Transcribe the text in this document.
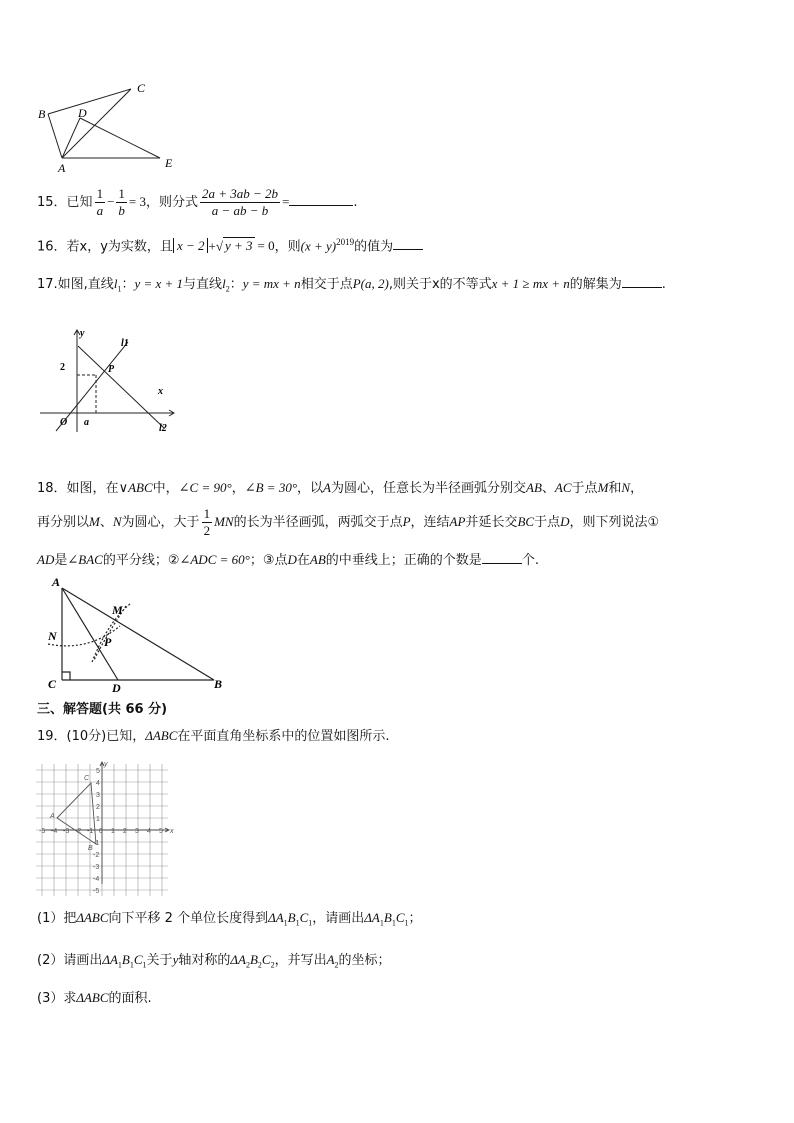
A
B
C
D
E
15．已知 $\frac{1}{a} - \frac{1}{b} = 3$，则分式 $\frac{2a + 3ab - 2b}{a - ab - b}$ =	.
16．若x，y为实数，且 x − 2 +√ y + 3 = 0，则$(x + y)^{2019}$的值为
17.如图,直线$l_1$：y = x + 1与直线$l_2$：y = mx + n相交于点P(a, 2),则关于x的不等式x + 1 ≥ mx + n的解集为	.
y
l1
2	P
x
O a
l2
18．如图，在∨ABC中，∠C = 90°，∠B = 30°，以A为圆心，任意长为半径画弧分别交AB、AC于点M和N，
再分别以M、N为圆心，大于 $\frac{1}{2}$ MN的长为半径画弧，两弧交于点P，连结AP并延长交BC于点D，则下列说法①
AD是∠BAC的平分线；②∠ADC = 60°；③点D在AB的中垂线上；正确的个数是	个.
A
M
N	P
C	D	B
三、解答题(共 66 分)
19．(10分)已知，ΔABC在平面直角坐标系中的位置如图所示.
-5 -4 -3 -2 -1 0 1 2 3 4 5
5
4
3
2
1
-1
-2
-3
-4
-5
x
y
A
B
C
(1）把ΔABC向下平移 2 个单位长度得到$\Delta A_1B_1C_1$，请画出$\Delta A_1B_1C_1$；
(2）请画出$\Delta A_1B_1C_1$关于y轴对称的$\Delta A_2B_2C_2$，并写出$A_2$的坐标；
(3）求ΔABC的面积.
